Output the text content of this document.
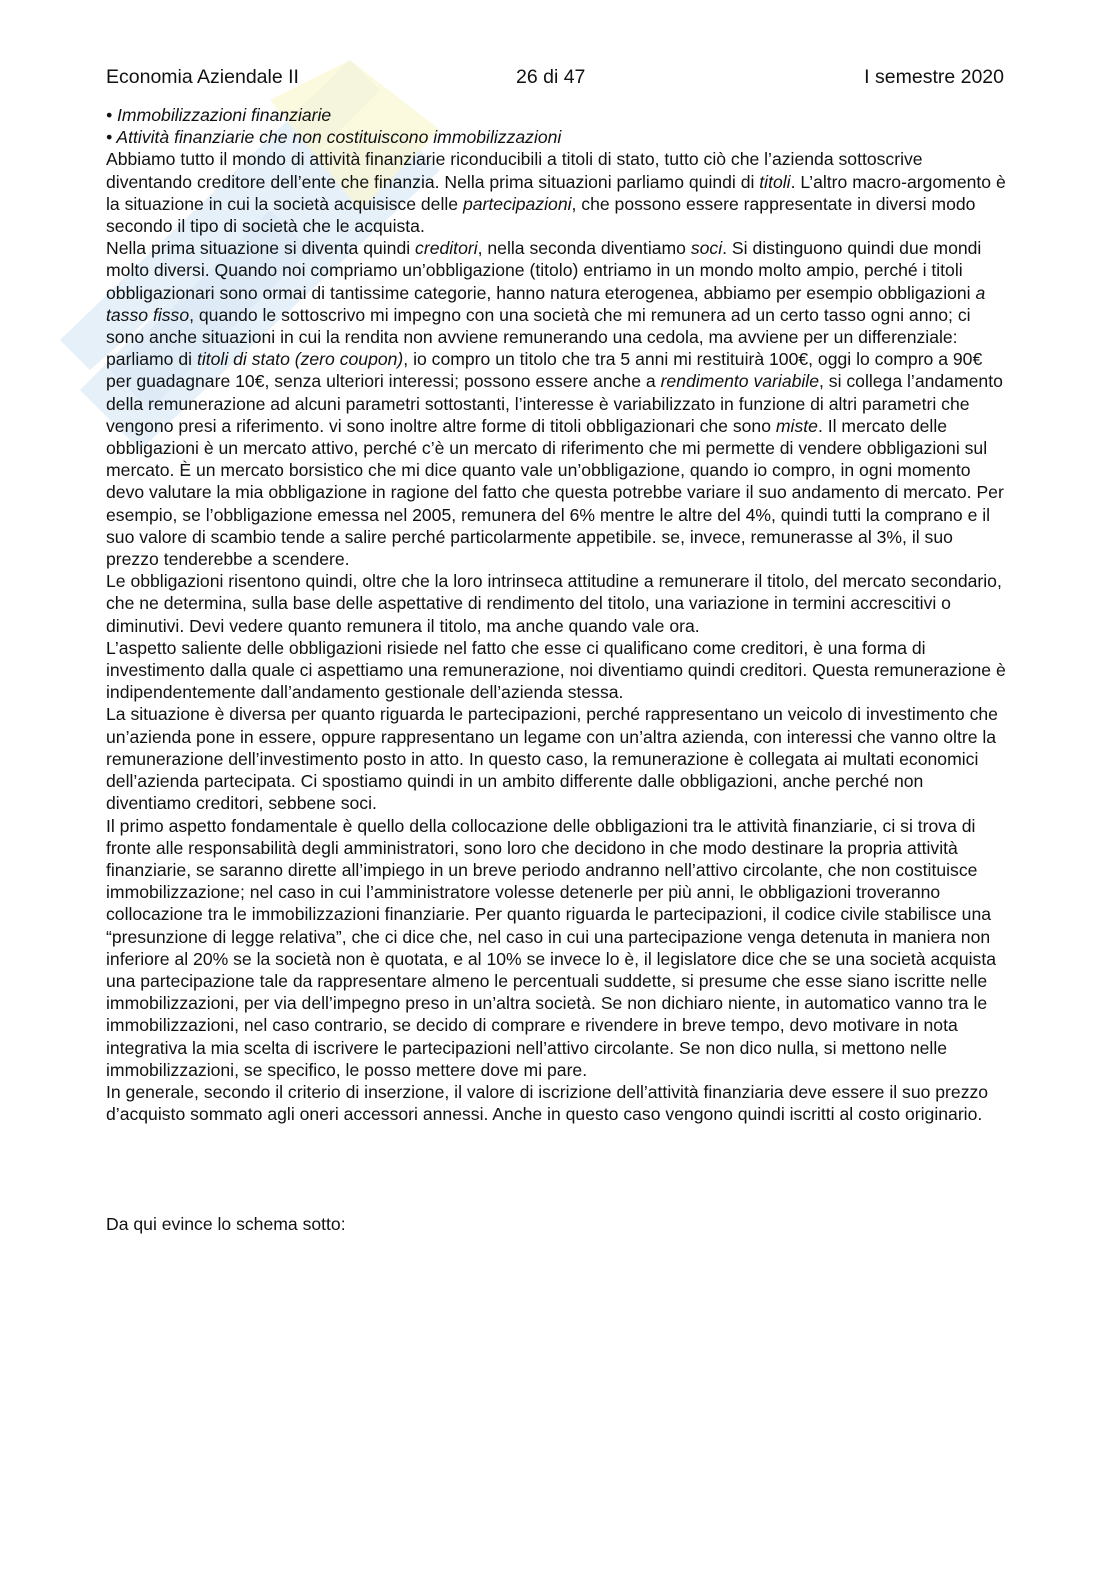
Economia Aziendale II	26 di 47	I semestre 2020

• Immobilizzazioni finanziarie

• Attività finanziarie che non costituiscono immobilizzazioni

Abbiamo tutto il mondo di attività finanziarie riconducibili a titoli di stato, tutto ciò che l’azienda sottoscrive diventando creditore dell’ente che finanzia. Nella prima situazioni parliamo quindi di titoli. L’altro macro-argomento è la situazione in cui la società acquisisce delle partecipazioni, che possono essere rappresentate in diversi modo secondo il tipo di società che le acquista.

Nella prima situazione si diventa quindi creditori, nella seconda diventiamo soci. Si distinguono quindi due mondi molto diversi. Quando noi compriamo un’obbligazione (titolo) entriamo in un mondo molto ampio, perché i titoli obbligazionari sono ormai di tantissime categorie, hanno natura eterogenea, abbiamo per esempio obbligazioni a tasso fisso, quando le sottoscrivo mi impegno con una società che mi remunera ad un certo tasso ogni anno; ci sono anche situazioni in cui la rendita non avviene remunerando una cedola, ma avviene per un differenziale: parliamo di titoli di stato (zero coupon), io compro un titolo che tra 5 anni mi restituirà 100€, oggi lo compro a 90€ per guadagnare 10€, senza ulteriori interessi; possono essere anche a rendimento variabile, si collega l’andamento della remunerazione ad alcuni parametri sottostanti, l’interesse è variabilizzato in funzione di altri parametri che vengono presi a riferimento. vi sono inoltre altre forme di titoli obbligazionari che sono miste. Il mercato delle obbligazioni è un mercato attivo, perché c’è un mercato di riferimento che mi permette di vendere obbligazioni sul mercato. È un mercato borsistico che mi dice quanto vale un’obbligazione, quando io compro, in ogni momento devo valutare la mia obbligazione in ragione del fatto che questa potrebbe variare il suo andamento di mercato. Per esempio, se l’obbligazione emessa nel 2005, remunera del 6% mentre le altre del 4%, quindi tutti la comprano e il suo valore di scambio tende a salire perché particolarmente appetibile. se, invece, remunerasse al 3%, il suo prezzo tenderebbe a scendere.

Le obbligazioni risentono quindi, oltre che la loro intrinseca attitudine a remunerare il titolo, del mercato secondario, che ne determina, sulla base delle aspettative di rendimento del titolo, una variazione in termini accrescitivi o diminutivi. Devi vedere quanto remunera il titolo, ma anche quando vale ora.

L’aspetto saliente delle obbligazioni risiede nel fatto che esse ci qualificano come creditori, è una forma di investimento dalla quale ci aspettiamo una remunerazione, noi diventiamo quindi creditori. Questa remunerazione è indipendentemente dall’andamento gestionale dell’azienda stessa.

La situazione è diversa per quanto riguarda le partecipazioni, perché rappresentano un veicolo di investimento che un’azienda pone in essere, oppure rappresentano un legame con un’altra azienda, con interessi che vanno oltre la remunerazione dell’investimento posto in atto. In questo caso, la remunerazione è collegata ai multati economici dell’azienda partecipata. Ci spostiamo quindi in un ambito differente dalle obbligazioni, anche perché non diventiamo creditori, sebbene soci.

Il primo aspetto fondamentale è quello della collocazione delle obbligazioni tra le attività finanziarie, ci si trova di fronte alle responsabilità degli amministratori, sono loro che decidono in che modo destinare la propria attività finanziarie, se saranno dirette all’impiego in un breve periodo andranno nell’attivo circolante, che non costituisce immobilizzazione; nel caso in cui l’amministratore volesse detenerle per più anni, le obbligazioni troveranno collocazione tra le immobilizzazioni finanziarie. Per quanto riguarda le partecipazioni, il codice civile stabilisce una “presunzione di legge relativa”, che ci dice che, nel caso in cui una partecipazione venga detenuta in maniera non inferiore al 20% se la società non è quotata, e al 10% se invece lo è, il legislatore dice che se una società acquista una partecipazione tale da rappresentare almeno le percentuali suddette, si presume che esse siano iscritte nelle immobilizzazioni, per via dell’impegno preso in un’altra società. Se non dichiaro niente, in automatico vanno tra le immobilizzazioni, nel caso contrario, se decido di comprare e rivendere in breve tempo, devo motivare in nota integrativa la mia scelta di iscrivere le partecipazioni nell’attivo circolante. Se non dico nulla, si mettono nelle immobilizzazioni, se specifico, le posso mettere dove mi pare.

In generale, secondo il criterio di inserzione, il valore di iscrizione dell’attività finanziaria deve essere il suo prezzo d’acquisto sommato agli oneri accessori annessi. Anche in questo caso vengono quindi iscritti al costo originario.

Da qui evince lo schema sotto:
